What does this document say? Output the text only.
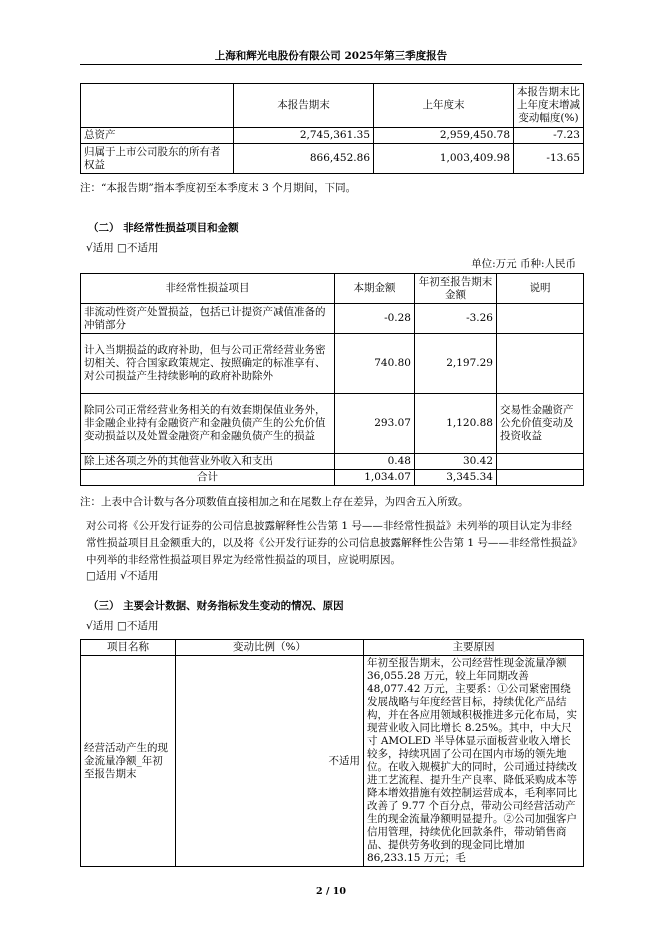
上海和辉光电股份有限公司 2025年第三季度报告
	本报告期末	上年度末	本报告期末比上年度末增减变动幅度(%)
总资产	2,745,361.35	2,959,450.78	-7.23
归属于上市公司股东的所有者权益	866,452.86	1,003,409.98	-13.65
注：“本报告期”指本季度初至本季度末 3 个月期间，下同。
（二） 非经常性损益项目和金额
√适用 □不适用
单位:万元 币种:人民币
非经常性损益项目	本期金额	年初至报告期末金额	说明
非流动性资产处置损益，包括已计提资产减值准备的冲销部分	-0.28	-3.26	
计入当期损益的政府补助，但与公司正常经营业务密切相关、符合国家政策规定、按照确定的标准享有、对公司损益产生持续影响的政府补助除外	740.80	2,197.29	
除同公司正常经营业务相关的有效套期保值业务外，非金融企业持有金融资产和金融负债产生的公允价值变动损益以及处置金融资产和金融负债产生的损益	293.07	1,120.88	交易性金融资产公允价值变动及投资收益
除上述各项之外的其他营业外收入和支出	0.48	30.42	
合计	1,034.07	3,345.34	
注：上表中合计数与各分项数值直接相加之和在尾数上存在差异，为四舍五入所致。
对公司将《公开发行证券的公司信息披露解释性公告第 1 号——非经常性损益》未列举的项目认定为非经常性损益项目且金额重大的，以及将《公开发行证券的公司信息披露解释性公告第 1 号——非经常性损益》中列举的非经常性损益项目界定为经常性损益的项目，应说明原因。
□适用 √不适用
（三） 主要会计数据、财务指标发生变动的情况、原因
√适用 □不适用
项目名称	变动比例（%）	主要原因
经营活动产生的现金流量净额_年初至报告期末	不适用	年初至报告期末，公司经营性现金流量净额 36,055.28 万元，较上年同期改善 48,077.42 万元，主要系：①公司紧密围绕发展战略与年度经营目标，持续优化产品结构，并在各应用领域积极推进多元化布局，实现营业收入同比增长 8.25%。其中，中大尺寸 AMOLED 半导体显示面板营业收入增长较多，持续巩固了公司在国内市场的领先地位。在收入规模扩大的同时，公司通过持续改进工艺流程、提升生产良率、降低采购成本等降本增效措施有效控制运营成本，毛利率同比改善了 9.77 个百分点，带动公司经营活动产生的现金流量净额明显提升。②公司加强客户信用管理，持续优化回款条件，带动销售商品、提供劳务收到的现金同比增加 86,233.15 万元；毛
2 / 10
